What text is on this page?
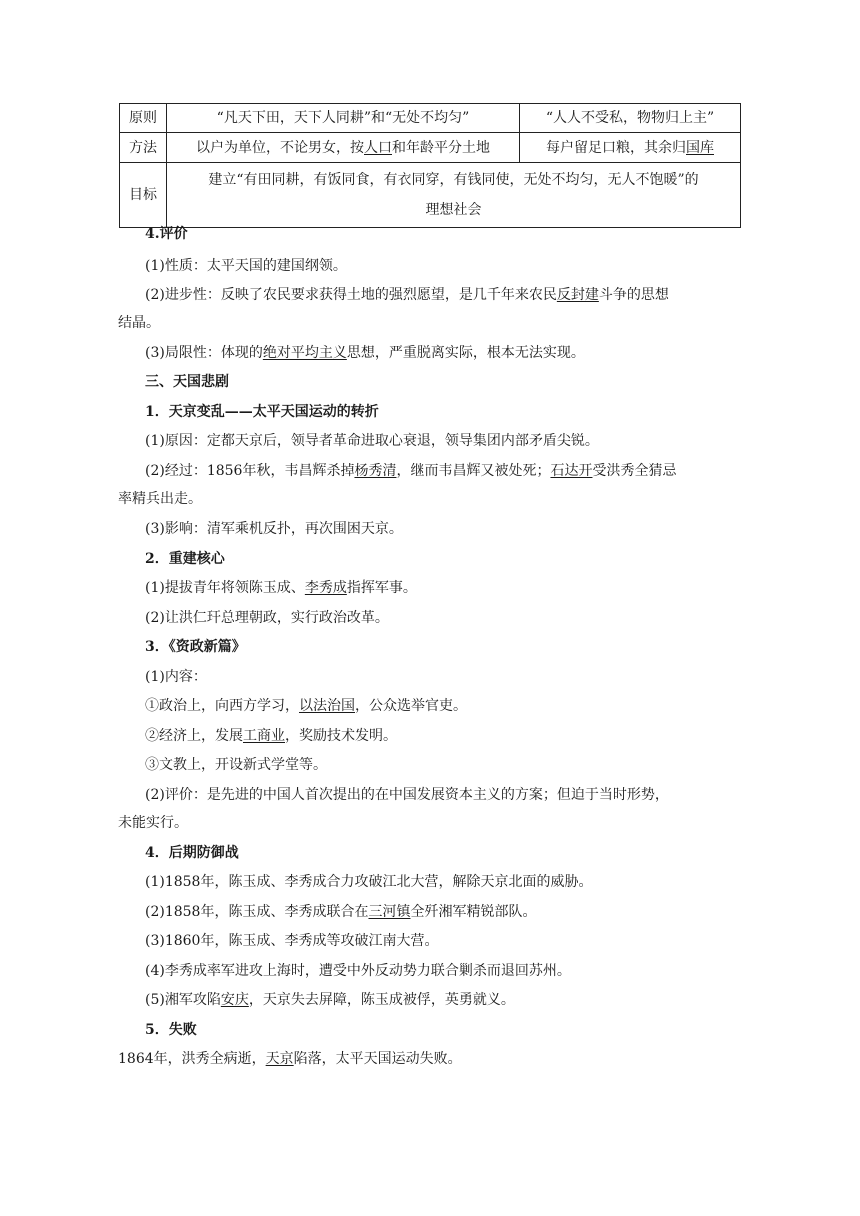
原则	“凡天下田，天下人同耕”和“无处不均匀”	“人人不受私，物物归上主”
方法	以户为单位，不论男女，按人口和年龄平分土地	每户留足口粮，其余归国库
目标	建立“有田同耕，有饭同食，有衣同穿，有钱同使，无处不均匀，无人不饱暖”的
理想社会	
4.评价
(1)性质：太平天国的建国纲领。
(2)进步性：反映了农民要求获得土地的强烈愿望，是几千年来农民反封建斗争的思想
结晶。
(3)局限性：体现的绝对平均主义思想，严重脱离实际，根本无法实现。
三、天国悲剧
1．天京变乱——太平天国运动的转折
(1)原因：定都天京后，领导者革命进取心衰退，领导集团内部矛盾尖锐。
(2)经过：1856年秋，韦昌辉杀掉杨秀清，继而韦昌辉又被处死；石达开受洪秀全猜忌
率精兵出走。
(3)影响：清军乘机反扑，再次围困天京。
2．重建核心
(1)提拔青年将领陈玉成、李秀成指挥军事。
(2)让洪仁玕总理朝政，实行政治改革。
3．《资政新篇》
(1)内容：
①政治上，向西方学习，以法治国，公众选举官吏。
②经济上，发展工商业，奖励技术发明。
③文教上，开设新式学堂等。
(2)评价：是先进的中国人首次提出的在中国发展资本主义的方案；但迫于当时形势，
未能实行。
4．后期防御战
(1)1858年，陈玉成、李秀成合力攻破江北大营，解除天京北面的威胁。
(2)1858年，陈玉成、李秀成联合在三河镇全歼湘军精锐部队。
(3)1860年，陈玉成、李秀成等攻破江南大营。
(4)李秀成率军进攻上海时，遭受中外反动势力联合剿杀而退回苏州。
(5)湘军攻陷安庆，天京失去屏障，陈玉成被俘，英勇就义。
5．失败
1864年，洪秀全病逝，天京陷落，太平天国运动失败。
